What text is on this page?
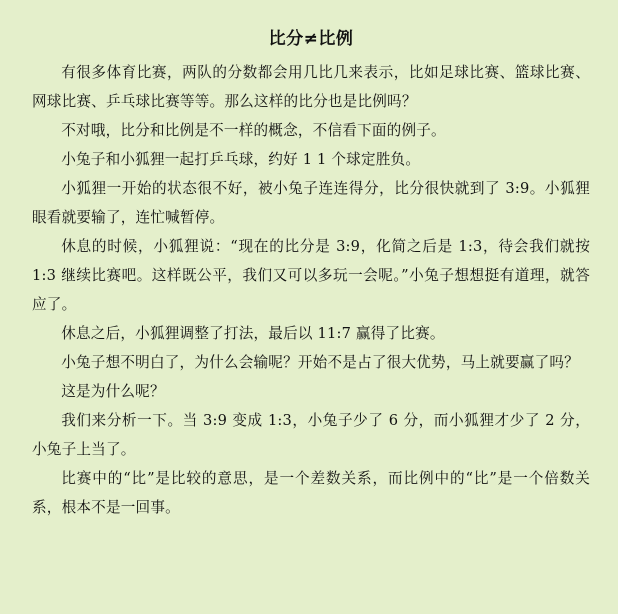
比分≠比例

有很多体育比赛，两队的分数都会用几比几来表示，比如足球比赛、篮球比赛、网球比赛、乒乓球比赛等等。那么这样的比分也是比例吗？

不对哦，比分和比例是不一样的概念，不信看下面的例子。

小兔子和小狐狸一起打乒乓球，约好 1 1 个球定胜负。

小狐狸一开始的状态很不好，被小兔子连连得分，比分很快就到了 3:9。小狐狸眼看就要输了，连忙喊暂停。

休息的时候，小狐狸说：“现在的比分是 3:9，化简之后是 1:3，待会我们就按 1:3 继续比赛吧。这样既公平，我们又可以多玩一会呢。”小兔子想想挺有道理，就答应了。

休息之后，小狐狸调整了打法，最后以 11:7 赢得了比赛。

小兔子想不明白了，为什么会输呢？开始不是占了很大优势，马上就要赢了吗？

这是为什么呢？

我们来分析一下。当 3:9 变成 1:3，小兔子少了 6 分，而小狐狸才少了 2 分，小兔子上当了。

比赛中的“比”是比较的意思，是一个差数关系，而比例中的“比”是一个倍数关系，根本不是一回事。
